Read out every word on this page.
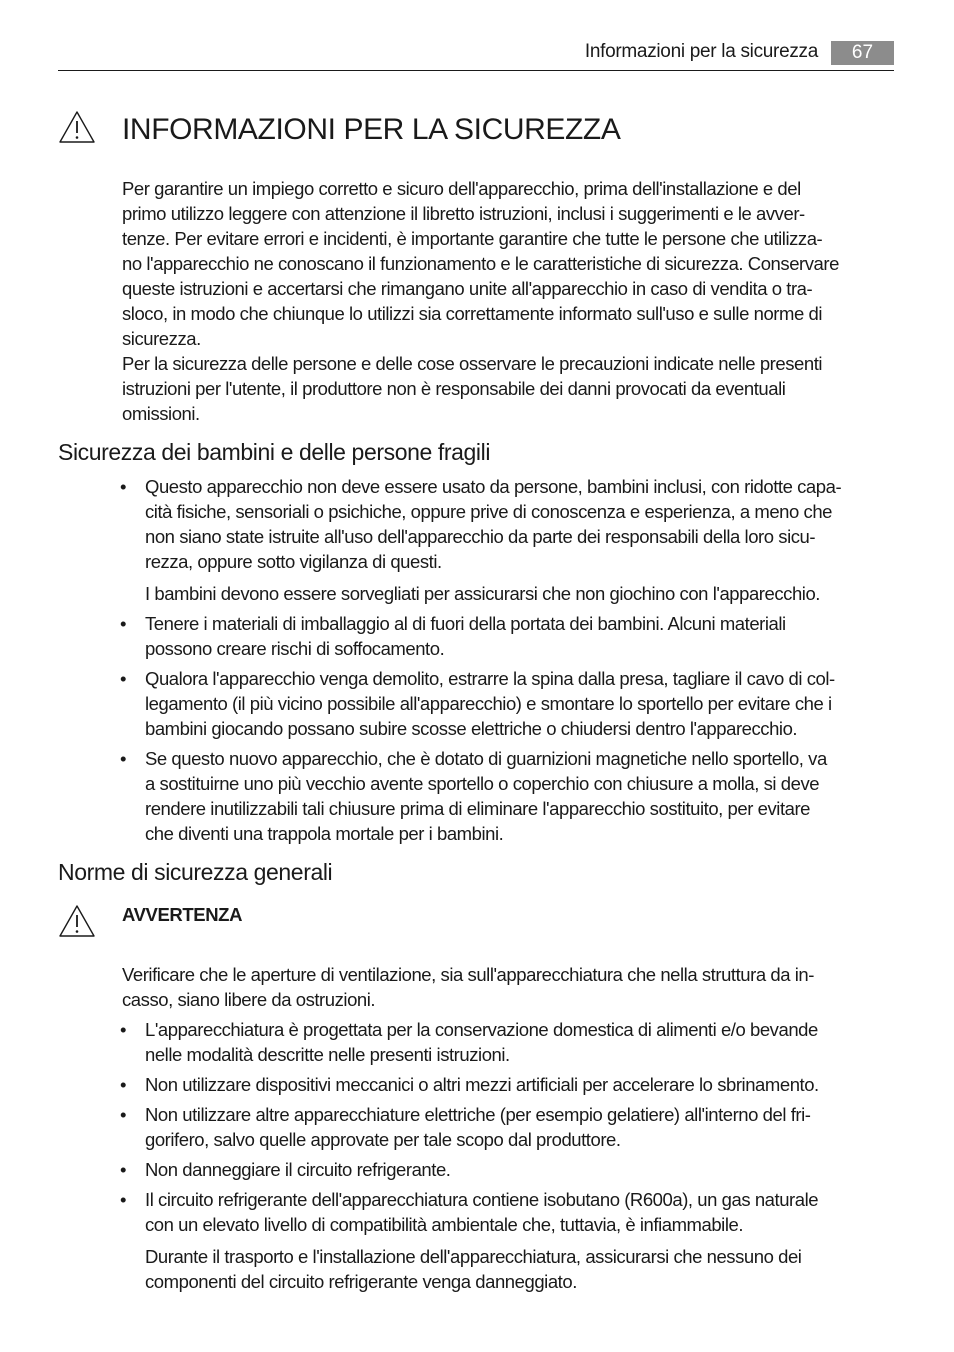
Informazioni per la sicurezza	67
INFORMAZIONI PER LA SICUREZZA

Per garantire un impiego corretto e sicuro dell'apparecchio, prima dell'installazione e del
primo utilizzo leggere con attenzione il libretto istruzioni, inclusi i suggerimenti e le avver-
tenze. Per evitare errori e incidenti, è importante garantire che tutte le persone che utilizza-
no l'apparecchio ne conoscano il funzionamento e le caratteristiche di sicurezza. Conservare
queste istruzioni e accertarsi che rimangano unite all'apparecchio in caso di vendita o tra-
sloco, in modo che chiunque lo utilizzi sia correttamente informato sull'uso e sulle norme di
sicurezza.

Per la sicurezza delle persone e delle cose osservare le precauzioni indicate nelle presenti
istruzioni per l'utente, il produttore non è responsabile dei danni provocati da eventuali
omissioni.

Sicurezza dei bambini e delle persone fragili
• Questo apparecchio non deve essere usato da persone, bambini inclusi, con ridotte capa-
cità fisiche, sensoriali o psichiche, oppure prive di conoscenza e esperienza, a meno che
non siano state istruite all'uso dell'apparecchio da parte dei responsabili della loro sicu-
rezza, oppure sotto vigilanza di questi.
I bambini devono essere sorvegliati per assicurarsi che non giochino con l'apparecchio.
• Tenere i materiali di imballaggio al di fuori della portata dei bambini. Alcuni materiali
possono creare rischi di soffocamento.
• Qualora l'apparecchio venga demolito, estrarre la spina dalla presa, tagliare il cavo di col-
legamento (il più vicino possibile all'apparecchio) e smontare lo sportello per evitare che i
bambini giocando possano subire scosse elettriche o chiudersi dentro l'apparecchio.
• Se questo nuovo apparecchio, che è dotato di guarnizioni magnetiche nello sportello, va
a sostituirne uno più vecchio avente sportello o coperchio con chiusure a molla, si deve
rendere inutilizzabili tali chiusure prima di eliminare l'apparecchio sostituito, per evitare
che diventi una trappola mortale per i bambini.
Norme di sicurezza generali
AVVERTENZA

Verificare che le aperture di ventilazione, sia sull'apparecchiatura che nella struttura da in-
casso, siano libere da ostruzioni.

• L'apparecchiatura è progettata per la conservazione domestica di alimenti e/o bevande
nelle modalità descritte nelle presenti istruzioni.
• Non utilizzare dispositivi meccanici o altri mezzi artificiali per accelerare lo sbrinamento.
• Non utilizzare altre apparecchiature elettriche (per esempio gelatiere) all'interno del fri-
gorifero, salvo quelle approvate per tale scopo dal produttore.
• Non danneggiare il circuito refrigerante.
• Il circuito refrigerante dell'apparecchiatura contiene isobutano (R600a), un gas naturale
con un elevato livello di compatibilità ambientale che, tuttavia, è infiammabile.
Durante il trasporto e l'installazione dell'apparecchiatura, assicurarsi che nessuno dei
componenti del circuito refrigerante venga danneggiato.
